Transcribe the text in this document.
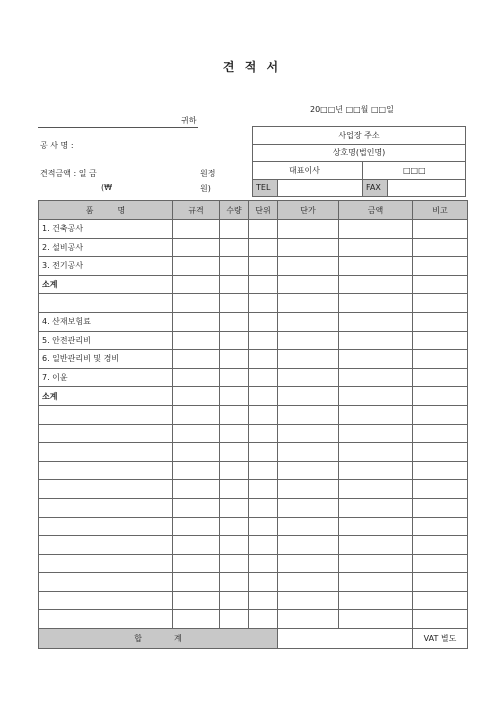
견 적 서
20□□년 □□월 □□일
귀하
공 사 명 :
견적금액 : 일 금	원정
(₩	원)
사업장 주소			
상호명(법인명)			
대표이사		□□□	
TEL		FAX	
품　　　명	규격	수량	단위	단가	금액	비고
1. 건축공사						
2. 설비공사						
3. 전기공사						
소계						

4. 산재보험료						
5. 안전관리비						
6. 일반관리비 및 경비						
7. 이윤						
소계						

합　　　　계						VAT 별도
